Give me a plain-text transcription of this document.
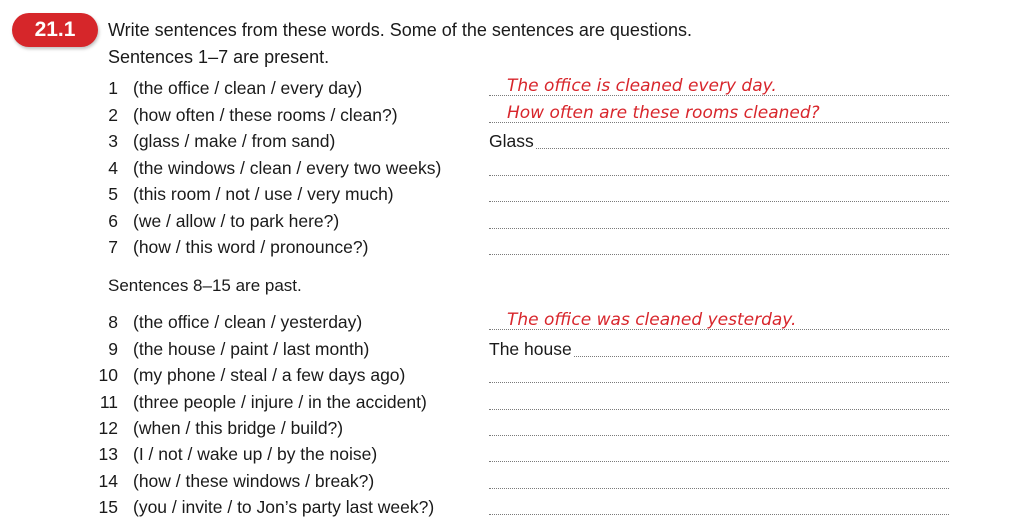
21.1	Write sentences from these words. Some of the sentences are questions.
Sentences 1–7 are present.
Sentences 8–15 are past.
1 (the office / clean / every day)	The office is cleaned every day.
2 (how often / these rooms / clean?)	How often are these rooms cleaned?
3 (glass / make / from sand)	Glass
4 (the windows / clean / every two weeks)
5 (this room / not / use / very much)
6 (we / allow / to park here?)
7 (how / this word / pronounce?)
8 (the office / clean / yesterday)	The office was cleaned yesterday.
9 (the house / paint / last month)	The house
10 (my phone / steal / a few days ago)
11 (three people / injure / in the accident)
12 (when / this bridge / build?)
13 (I / not / wake up / by the noise)
14 (how / these windows / break?)
15 (you / invite / to Jon’s party last week?)
